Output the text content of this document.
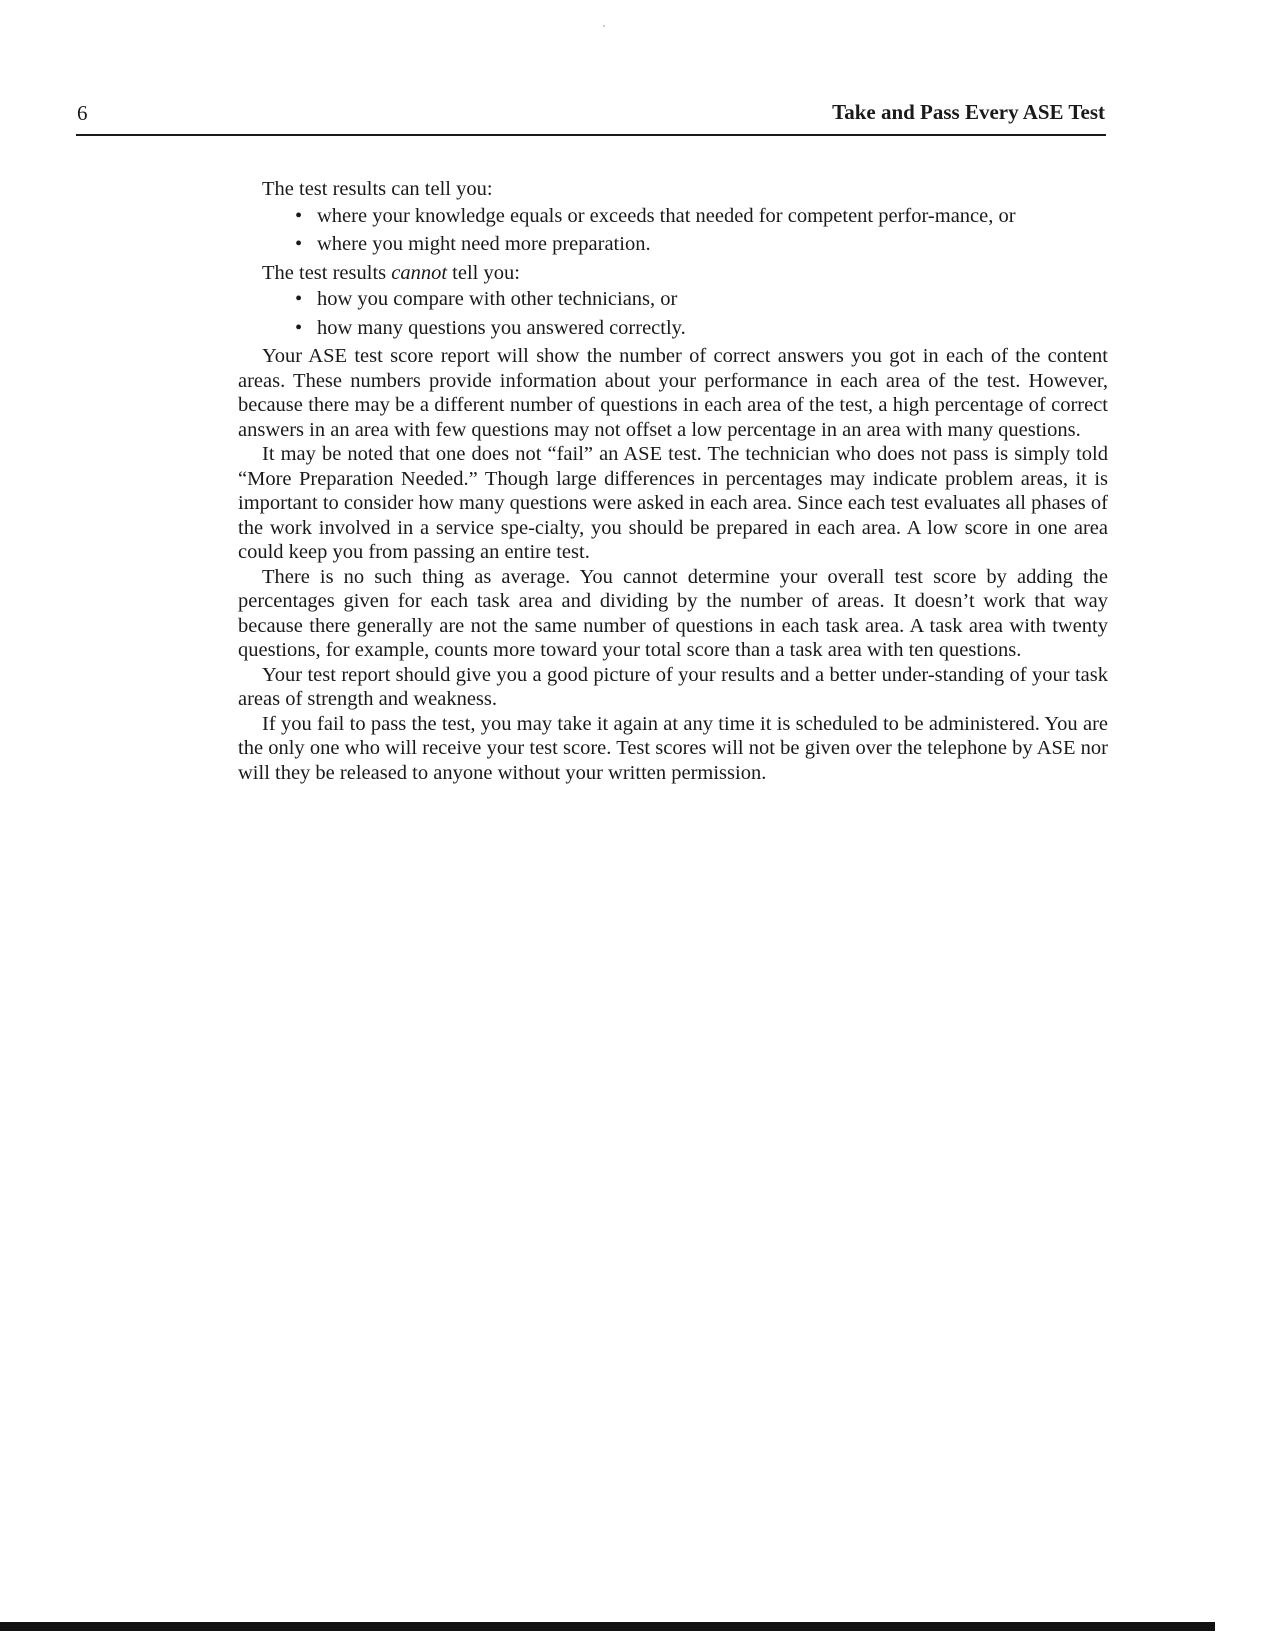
6	Take and Pass Every ASE Test

The test results can tell you:

• where your knowledge equals or exceeds that needed for competent perfor-mance, or
• where you might need more preparation.

The test results cannot tell you:

• how you compare with other technicians, or
• how many questions you answered correctly.

Your ASE test score report will show the number of correct answers you got in each of the content areas. These numbers provide information about your performance in each area of the test. However, because there may be a different number of questions in each area of the test, a high percentage of correct answers in an area with few questions may not offset a low percentage in an area with many questions.

It may be noted that one does not “fail” an ASE test. The technician who does not pass is simply told “More Preparation Needed.” Though large differences in percentages may indicate problem areas, it is important to consider how many questions were asked in each area. Since each test evaluates all phases of the work involved in a service spe-cialty, you should be prepared in each area. A low score in one area could keep you from passing an entire test.

There is no such thing as average. You cannot determine your overall test score by adding the percentages given for each task area and dividing by the number of areas. It doesn’t work that way because there generally are not the same number of questions in each task area. A task area with twenty questions, for example, counts more toward your total score than a task area with ten questions.

Your test report should give you a good picture of your results and a better under-standing of your task areas of strength and weakness.

If you fail to pass the test, you may take it again at any time it is scheduled to be administered. You are the only one who will receive your test score. Test scores will not be given over the telephone by ASE nor will they be released to anyone without your written permission.
